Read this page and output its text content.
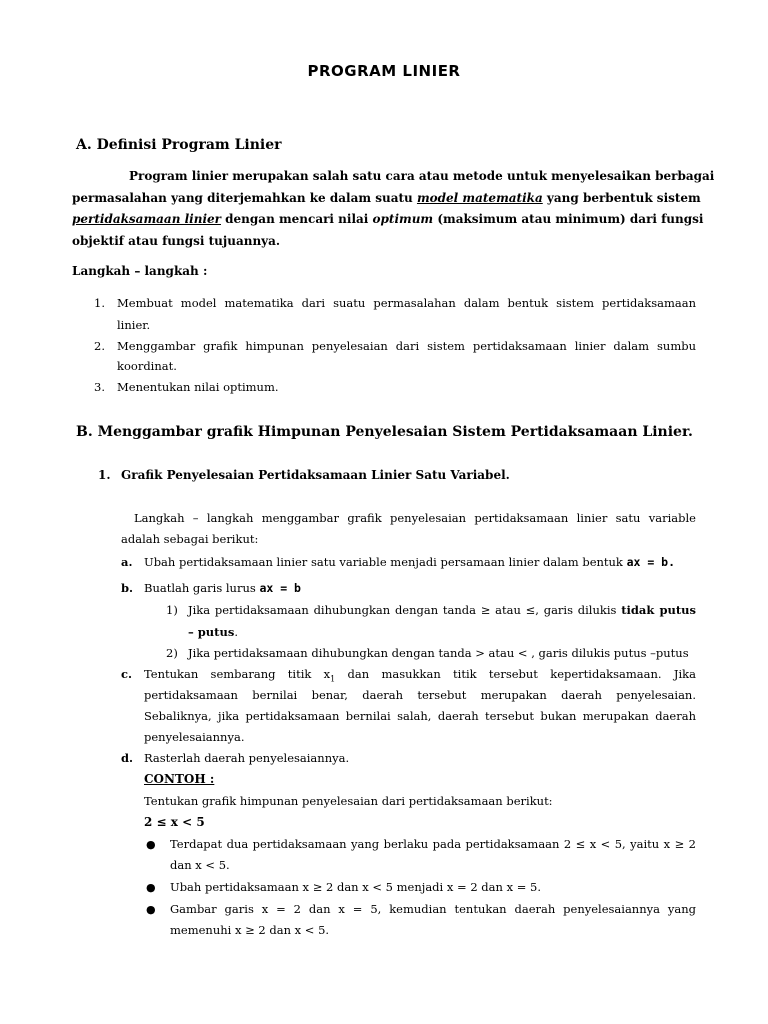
PROGRAM LINIER
A. Definisi Program Linier
Program linier merupakan salah satu cara atau metode untuk menyelesaikan berbagai
permasalahan yang diterjemahkan ke dalam suatu model matematika yang berbentuk sistem
pertidaksamaan linier dengan mencari nilai optimum (maksimum atau minimum) dari fungsi
objektif atau fungsi tujuannya.
Langkah – langkah :
1. Membuat model matematika dari suatu permasalahan dalam bentuk sistem pertidaksamaan
linier.
2. Menggambar grafik himpunan penyelesaian dari sistem pertidaksamaan linier dalam sumbu
koordinat.
3. Menentukan nilai optimum.
B. Menggambar grafik Himpunan Penyelesaian Sistem Pertidaksamaan Linier.
1. Grafik Penyelesaian Pertidaksamaan Linier Satu Variabel.
Langkah – langkah menggambar grafik penyelesaian pertidaksamaan linier satu variable
adalah sebagai berikut:
a. Ubah pertidaksamaan linier satu variable menjadi persamaan linier dalam bentuk ax = b.
b. Buatlah garis lurus ax = b
1) Jika pertidaksamaan dihubungkan dengan tanda ≥ atau ≤, garis dilukis tidak putus
– putus.
2) Jika pertidaksamaan dihubungkan dengan tanda > atau < , garis dilukis putus –putus
c. Tentukan sembarang titik $x_1$ dan masukkan titik tersebut kepertidaksamaan. Jika
pertidaksamaan bernilai benar, daerah tersebut merupakan daerah penyelesaian.
Sebaliknya, jika pertidaksamaan bernilai salah, daerah tersebut bukan merupakan daerah
penyelesaiannya.
d. Rasterlah daerah penyelesaiannya.
CONTOH :
Tentukan grafik himpunan penyelesaian dari pertidaksamaan berikut:
2 ≤ x < 5
● Terdapat dua pertidaksamaan yang berlaku pada pertidaksamaan 2 ≤ x < 5, yaitu x ≥ 2
dan x < 5.
● Ubah pertidaksamaan x ≥ 2 dan x < 5 menjadi x = 2 dan x = 5.
● Gambar garis x = 2 dan x = 5, kemudian tentukan daerah penyelesaiannya yang
memenuhi x ≥ 2 dan x < 5.
